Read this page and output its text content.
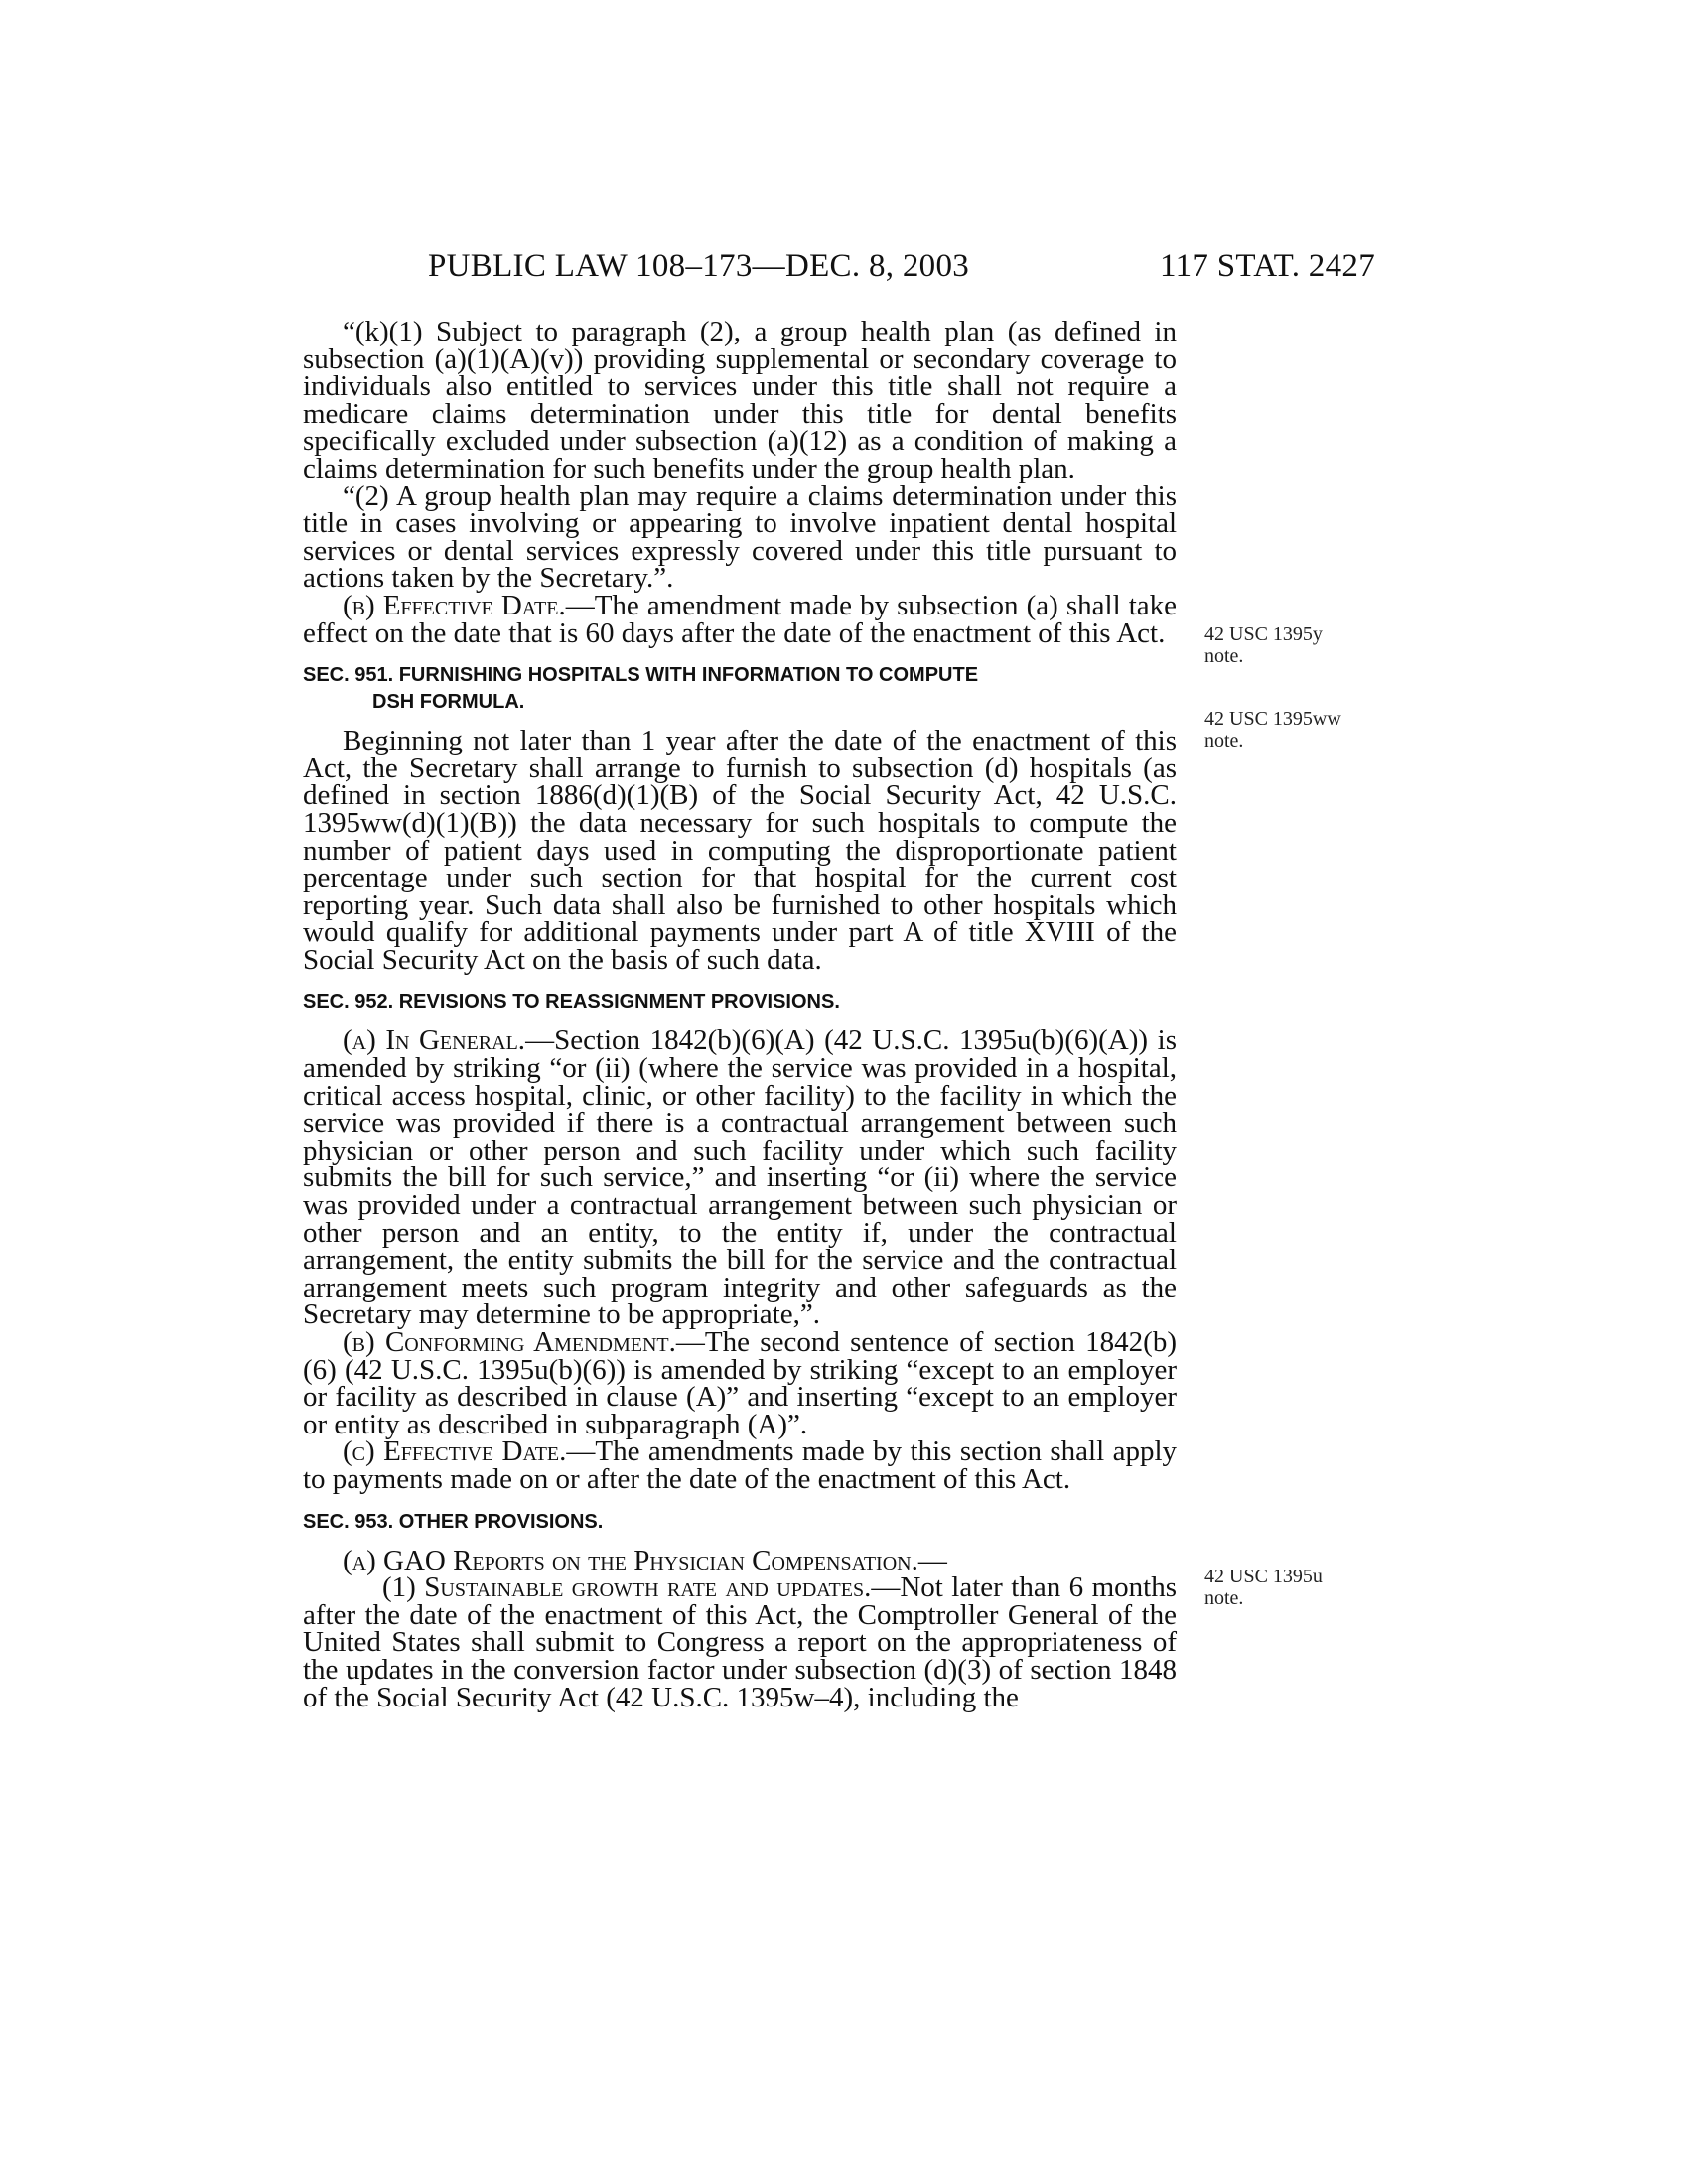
PUBLIC LAW 108–173—DEC. 8, 2003	117 STAT. 2427

“(k)(1) Subject to paragraph (2), a group health plan (as defined in subsection (a)(1)(A)(v)) providing supplemental or secondary coverage to individuals also entitled to services under this title shall not require a medicare claims determination under this title for dental benefits specifically excluded under subsection (a)(12) as a condition of making a claims determination for such benefits under the group health plan.

“(2) A group health plan may require a claims determination under this title in cases involving or appearing to involve inpatient dental hospital services or dental services expressly covered under this title pursuant to actions taken by the Secretary.”.

(b) Effective Date.—The amendment made by subsection (a) shall take effect on the date that is 60 days after the date of the enactment of this Act.

SEC. 951. FURNISHING HOSPITALS WITH INFORMATION TO COMPUTE
DSH FORMULA.

Beginning not later than 1 year after the date of the enactment of this Act, the Secretary shall arrange to furnish to subsection (d) hospitals (as defined in section 1886(d)(1)(B) of the Social Security Act, 42 U.S.C. 1395ww(d)(1)(B)) the data necessary for such hospitals to compute the number of patient days used in computing the disproportionate patient percentage under such section for that hospital for the current cost reporting year. Such data shall also be furnished to other hospitals which would qualify for additional payments under part A of title XVIII of the Social Security Act on the basis of such data.

SEC. 952. REVISIONS TO REASSIGNMENT PROVISIONS.

(a) In General.—Section 1842(b)(6)(A) (42 U.S.C. 1395u(b)(6)(A)) is amended by striking “or (ii) (where the service was provided in a hospital, critical access hospital, clinic, or other facility) to the facility in which the service was provided if there is a contractual arrangement between such physician or other person and such facility under which such facility submits the bill for such service,” and inserting “or (ii) where the service was provided under a contractual arrangement between such physician or other person and an entity, to the entity if, under the contractual arrangement, the entity submits the bill for the service and the contractual arrangement meets such program integrity and other safeguards as the Secretary may determine to be appropriate,”.

(b) Conforming Amendment.—The second sentence of section 1842(b)(6) (42 U.S.C. 1395u(b)(6)) is amended by striking “except to an employer or facility as described in clause (A)” and inserting “except to an employer or entity as described in subparagraph (A)”.

(c) Effective Date.—The amendments made by this section shall apply to payments made on or after the date of the enactment of this Act.

SEC. 953. OTHER PROVISIONS.

(a) GAO Reports on the Physician Compensation.—

(1) Sustainable growth rate and updates.—Not later than 6 months after the date of the enactment of this Act, the Comptroller General of the United States shall submit to Congress a report on the appropriateness of the updates in the conversion factor under subsection (d)(3) of section 1848 of the Social Security Act (42 U.S.C. 1395w–4), including the

42 USC 1395y
note.
42 USC 1395ww
note.
42 USC 1395u
note.
